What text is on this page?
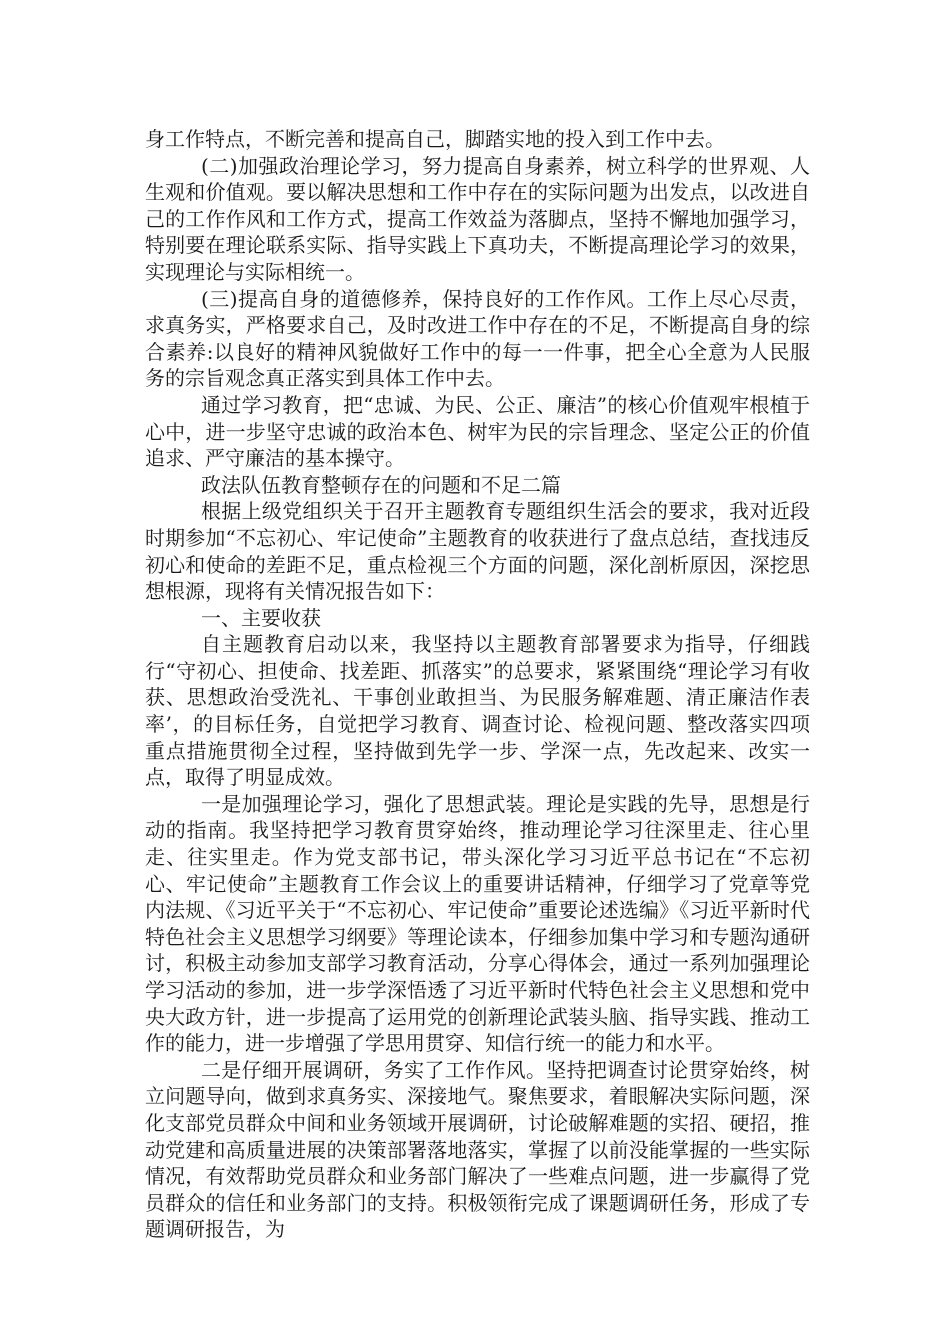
身工作特点，不断完善和提高自己，脚踏实地的投入到工作中去。

(二)加强政治理论学习，努力提高自身素养，树立科学的世界观、人生观和价值观。要以解决思想和工作中存在的实际问题为出发点，以改进自己的工作作风和工作方式，提高工作效益为落脚点，坚持不懈地加强学习，特别要在理论联系实际、指导实践上下真功夫，不断提高理论学习的效果，实现理论与实际相统一。

(三)提高自身的道德修养，保持良好的工作作风。工作上尽心尽责，求真务实，严格要求自己，及时改进工作中存在的不足，不断提高自身的综合素养:以良好的精神风貌做好工作中的每一一件事，把全心全意为人民服务的宗旨观念真正落实到具体工作中去。

通过学习教育，把“忠诚、为民、公正、廉洁”的核心价值观牢根植于心中，进一步坚守忠诚的政治本色、树牢为民的宗旨理念、坚定公正的价值追求、严守廉洁的基本操守。

政法队伍教育整顿存在的问题和不足二篇

根据上级党组织关于召开主题教育专题组织生活会的要求，我对近段时期参加“不忘初心、牢记使命”主题教育的收获进行了盘点总结，查找违反初心和使命的差距不足，重点检视三个方面的问题，深化剖析原因，深挖思想根源，现将有关情况报告如下：

一、主要收获

自主题教育启动以来，我坚持以主题教育部署要求为指导，仔细践行“守初心、担使命、找差距、抓落实”的总要求，紧紧围绕“理论学习有收获、思想政治受洗礼、干事创业敢担当、为民服务解难题、清正廉洁作表率’，的目标任务，自觉把学习教育、调查讨论、检视问题、整改落实四项重点措施贯彻全过程，坚持做到先学一步、学深一点，先改起来、改实一点，取得了明显成效。

一是加强理论学习，强化了思想武装。理论是实践的先导，思想是行动的指南。我坚持把学习教育贯穿始终，推动理论学习往深里走、往心里走、往实里走。作为党支部书记，带头深化学习习近平总书记在“不忘初心、牢记使命”主题教育工作会议上的重要讲话精神，仔细学习了党章等党内法规、《习近平关于“不忘初心、牢记使命”重要论述选编》《习近平新时代特色社会主义思想学习纲要》等理论读本，仔细参加集中学习和专题沟通研讨，积极主动参加支部学习教育活动，分享心得体会，通过一系列加强理论学习活动的参加，进一步学深悟透了习近平新时代特色社会主义思想和党中央大政方针，进一步提高了运用党的创新理论武装头脑、指导实践、推动工作的能力，进一步增强了学思用贯穿、知信行统一的能力和水平。

二是仔细开展调研，务实了工作作风。坚持把调查讨论贯穿始终，树立问题导向，做到求真务实、深接地气。聚焦要求，着眼解决实际问题，深化支部党员群众中间和业务领域开展调研，讨论破解难题的实招、硬招，推动党建和高质量进展的决策部署落地落实，掌握了以前没能掌握的一些实际情况，有效帮助党员群众和业务部门解决了一些难点问题，进一步赢得了党员群众的信任和业务部门的支持。积极领衔完成了课题调研任务，形成了专题调研报告，为
